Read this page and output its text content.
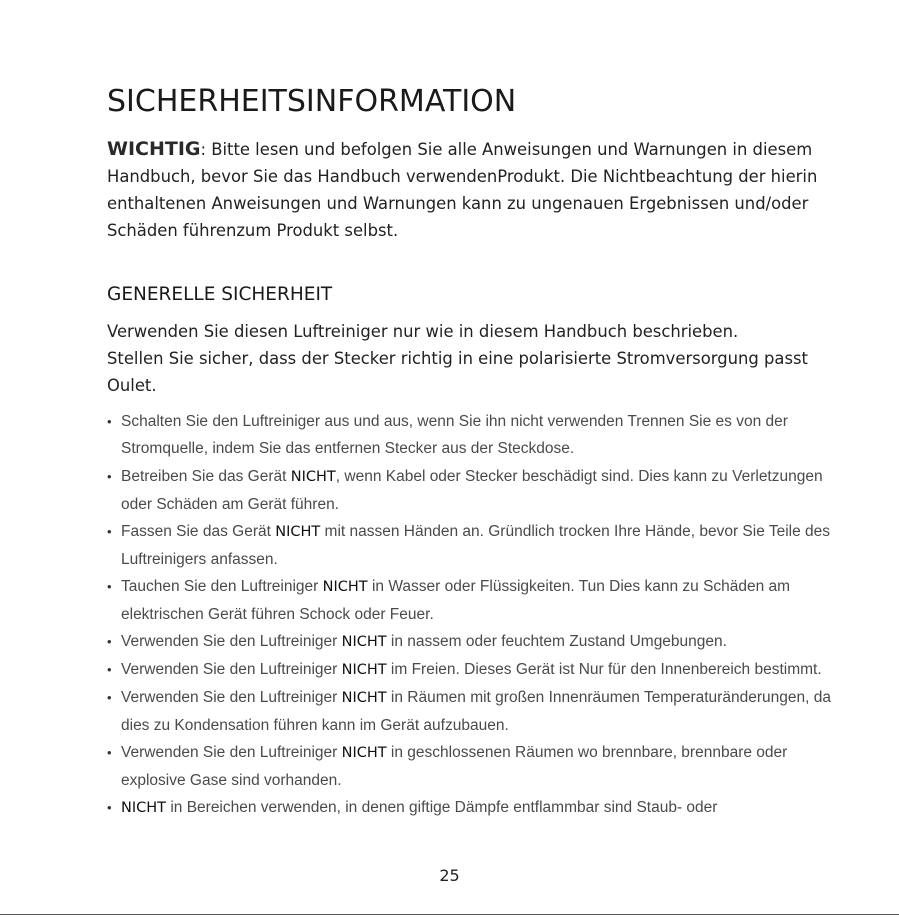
SICHERHEITSINFORMATION

WICHTIG: Bitte lesen und befolgen Sie alle Anweisungen und Warnungen in diesem Handbuch, bevor Sie das Handbuch verwendenProdukt. Die Nichtbeachtung der hierin enthaltenen Anweisungen und Warnungen kann zu ungenauen Ergebnissen und/oder Schäden führenzum Produkt selbst.

GENERELLE SICHERHEIT

Verwenden Sie diesen Luftreiniger nur wie in diesem Handbuch beschrieben.
Stellen Sie sicher, dass der Stecker richtig in eine polarisierte Stromversorgung passt Oulet.

• Schalten Sie den Luftreiniger aus und aus, wenn Sie ihn nicht verwenden Trennen Sie es von der Stromquelle, indem Sie das entfernen Stecker aus der Steckdose.
• Betreiben Sie das Gerät NICHT, wenn Kabel oder Stecker beschädigt sind. Dies kann zu Verletzungen oder Schäden am Gerät führen.
• Fassen Sie das Gerät NICHT mit nassen Händen an. Gründlich trocken Ihre Hände, bevor Sie Teile des Luftreinigers anfassen.
• Tauchen Sie den Luftreiniger NICHT in Wasser oder Flüssigkeiten. Tun Dies kann zu Schäden am elektrischen Gerät führen Schock oder Feuer.
• Verwenden Sie den Luftreiniger NICHT in nassem oder feuchtem Zustand Umgebungen.
• Verwenden Sie den Luftreiniger NICHT im Freien. Dieses Gerät ist Nur für den Innenbereich bestimmt.
• Verwenden Sie den Luftreiniger NICHT in Räumen mit großen Innenräumen Temperaturänderungen, da dies zu Kondensation führen kann im Gerät aufzubauen.
• Verwenden Sie den Luftreiniger NICHT in geschlossenen Räumen wo brennbare, brennbare oder explosive Gase sind vorhanden.
• NICHT in Bereichen verwenden, in denen giftige Dämpfe entflammbar sind Staub- oder
25
